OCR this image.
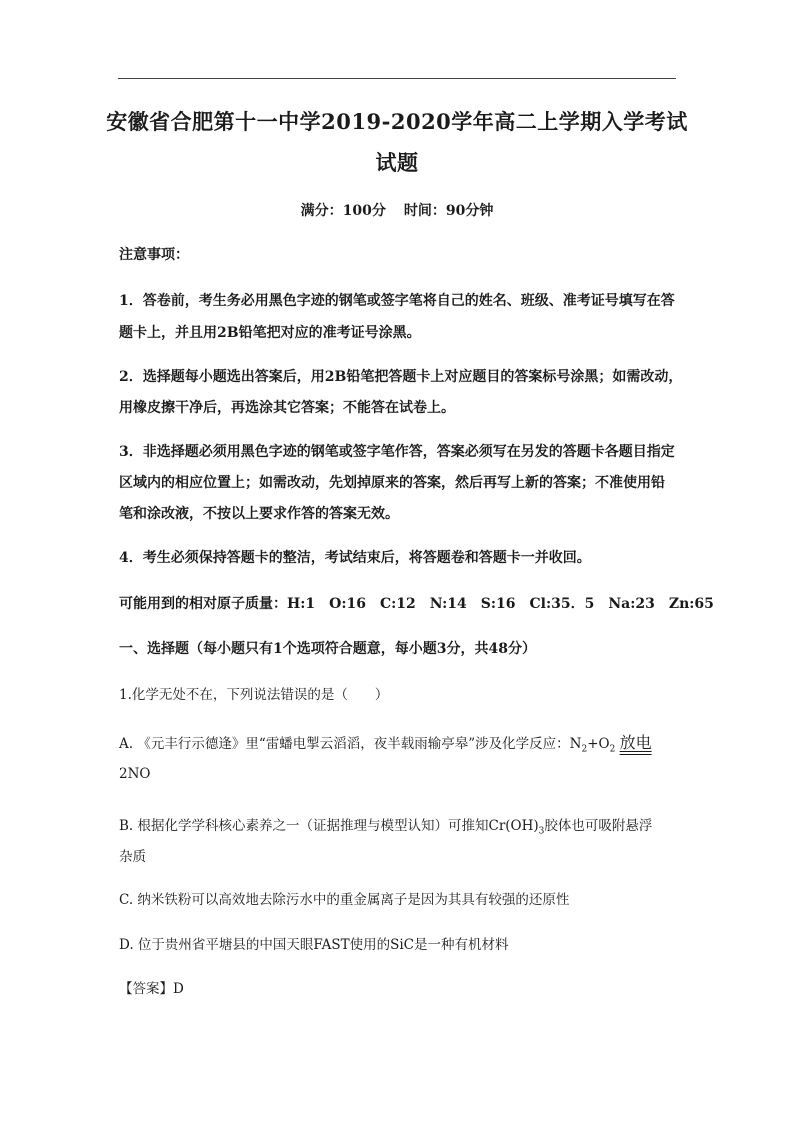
安徽省合肥第十一中学2019-2020学年高二上学期入学考试
试题
满分：100分 时间：90分钟
注意事项：
1．答卷前，考生务必用黑色字迹的钢笔或签字笔将自己的姓名、班级、准考证号填写在答
题卡上，并且用2B铅笔把对应的准考证号涂黑。
2．选择题每小题选出答案后，用2B铅笔把答题卡上对应题目的答案标号涂黑；如需改动，
用橡皮擦干净后，再选涂其它答案；不能答在试卷上。
3．非选择题必须用黑色字迹的钢笔或签字笔作答，答案必须写在另发的答题卡各题目指定
区域内的相应位置上；如需改动，先划掉原来的答案，然后再写上新的答案；不准使用铅
笔和涂改液，不按以上要求作答的答案无效。
4．考生必须保持答题卡的整洁，考试结束后，将答题卷和答题卡一并收回。
可能用到的相对原子质量：H:1　O:16　C:12　N:14　S:16　Cl:35．5　Na:23　Zn:65
一、选择题（每小题只有1个选项符合题意，每小题3分，共48分）
1.化学无处不在，下列说法错误的是（　　）
A. 《元丰行示德逢》里“雷蟠电掣云滔滔，夜半载雨输亭皋”涉及化学反应：$N_2+O_2$ 放电
2NO
B. 根据化学学科核心素养之一（证据推理与模型认知）可推知$Cr(OH)_3$胶体也可吸附悬浮
杂质
C. 纳米铁粉可以高效地去除污水中的重金属离子是因为其具有较强的还原性
D. 位于贵州省平塘县的中国天眼FAST使用的SiC是一种有机材料
【答案】D
